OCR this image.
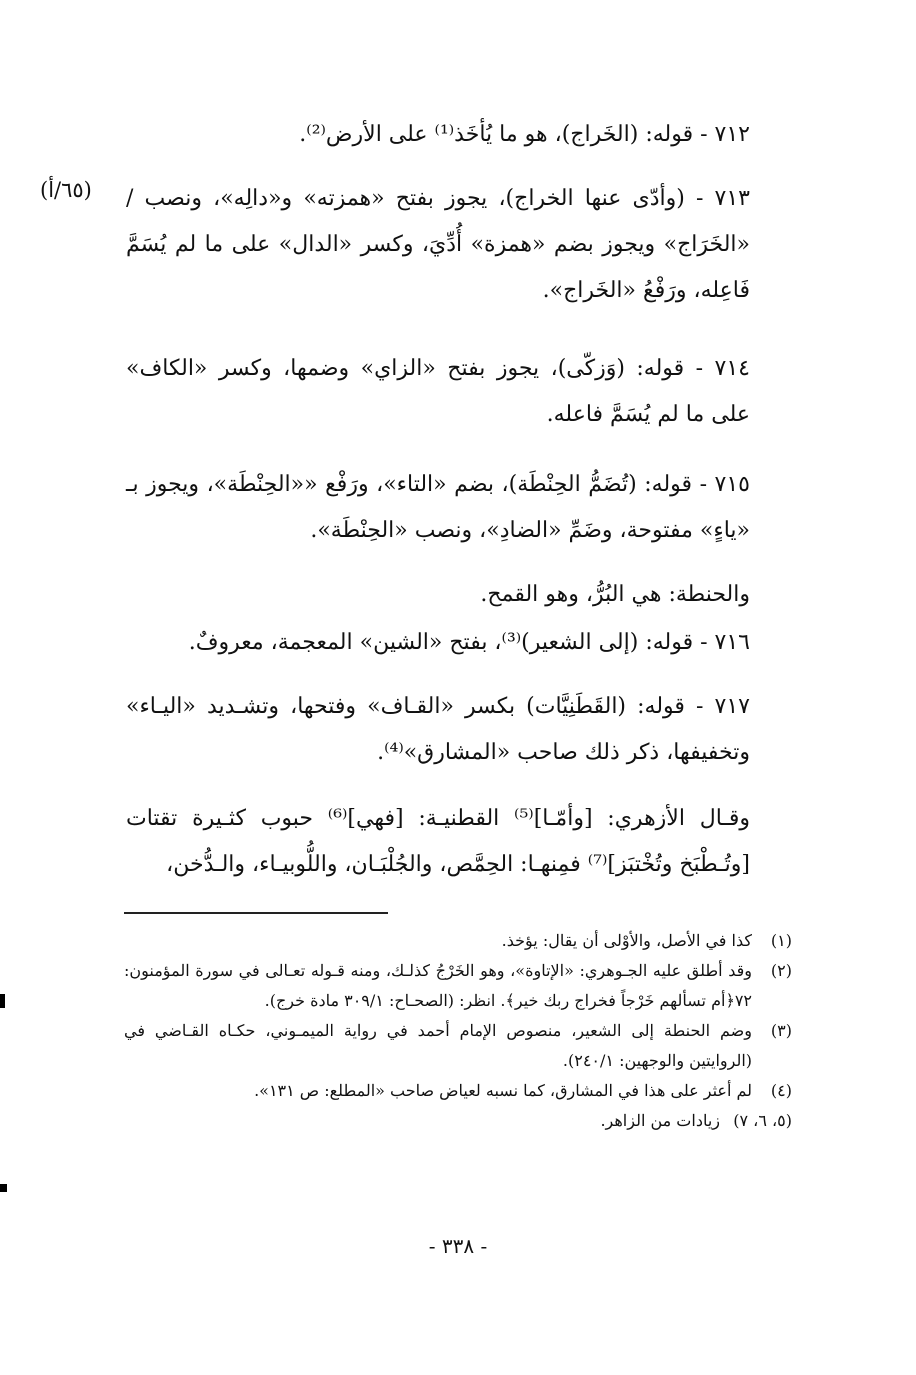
(٦٥/أ)

٧١٢ - قوله: (الخَراج)، هو ما يُأخَذ⁽¹⁾ على الأرض⁽²⁾.

٧١٣ - (وأدّى عنها الخراج)، يجوز بفتح «همزته» و«دالِه»، ونصب / «الخَرَاج» ويجوز بضم «همزة» أُدِّيَ، وكسر «الدال» على ما لم يُسَمَّ فَاعِله، ورَفْعُ «الخَراج».

٧١٤ - قوله: (وَزكّى)، يجوز بفتح «الزاي» وضمها، وكسر «الكاف» على ما لم يُسَمَّ فاعله.

٧١٥ - قوله: (تُضَمُّ الحِنْطَة)، بضم «التاء»، ورَفْع ««الحِنْطَة»، ويجوز بـ «ياءٍ» مفتوحة، وضَمِّ «الضادِ»، ونصب «الحِنْطَة».

والحنطة: هي البُرُّ، وهو القمح.

٧١٦ - قوله: (إلى الشعير)⁽³⁾، بفتح «الشين» المعجمة، معروفٌ.

٧١٧ - قوله: (القَطَنِيَّات) بكسر «القـاف» وفتحها، وتشـديد «اليـاء» وتخفيفها، ذكر ذلك صاحب «المشارق»⁽⁴⁾.

وقـال الأزهري: [وأمّـا]⁽⁵⁾ القطنيـة: [فهي]⁽⁶⁾ حبوب كثـيرة تقتات [وتُـطْبَخ وتُخْتبَز]⁽⁷⁾ فمِنهـا: الحِمَّص، والجُلْبَـان، واللُّوبيـاء، والـدُّخن،

(١)
كذا في الأصل، والأوْلى أن يقال: يؤخذ.
(٢)
وقد أطلق عليه الجـوهري: «الإتاوة»، وهو الخَرْجُ كذلـك، ومنه قـوله تعـالى في سورة المؤمنون: ٧٢﴿أم تسألهم خَرْجاً فخراج ربك خير﴾. انظر: (الصحـاح: ٣٠٩/١ مادة خرج).
(٣)
وضم الحنطة إلى الشعير، منصوص الإمام أحمد في رواية الميمـوني، حكـاه القـاضي في (الروايتين والوجهين: ٢٤٠/١).
(٤)
لم أعثر على هذا في المشارق، كما نسبه لعياض صاحب «المطلع: ص ١٣١».
(٥، ٦، ٧)
زيادات من الزاهر.
- ٣٣٨ -
